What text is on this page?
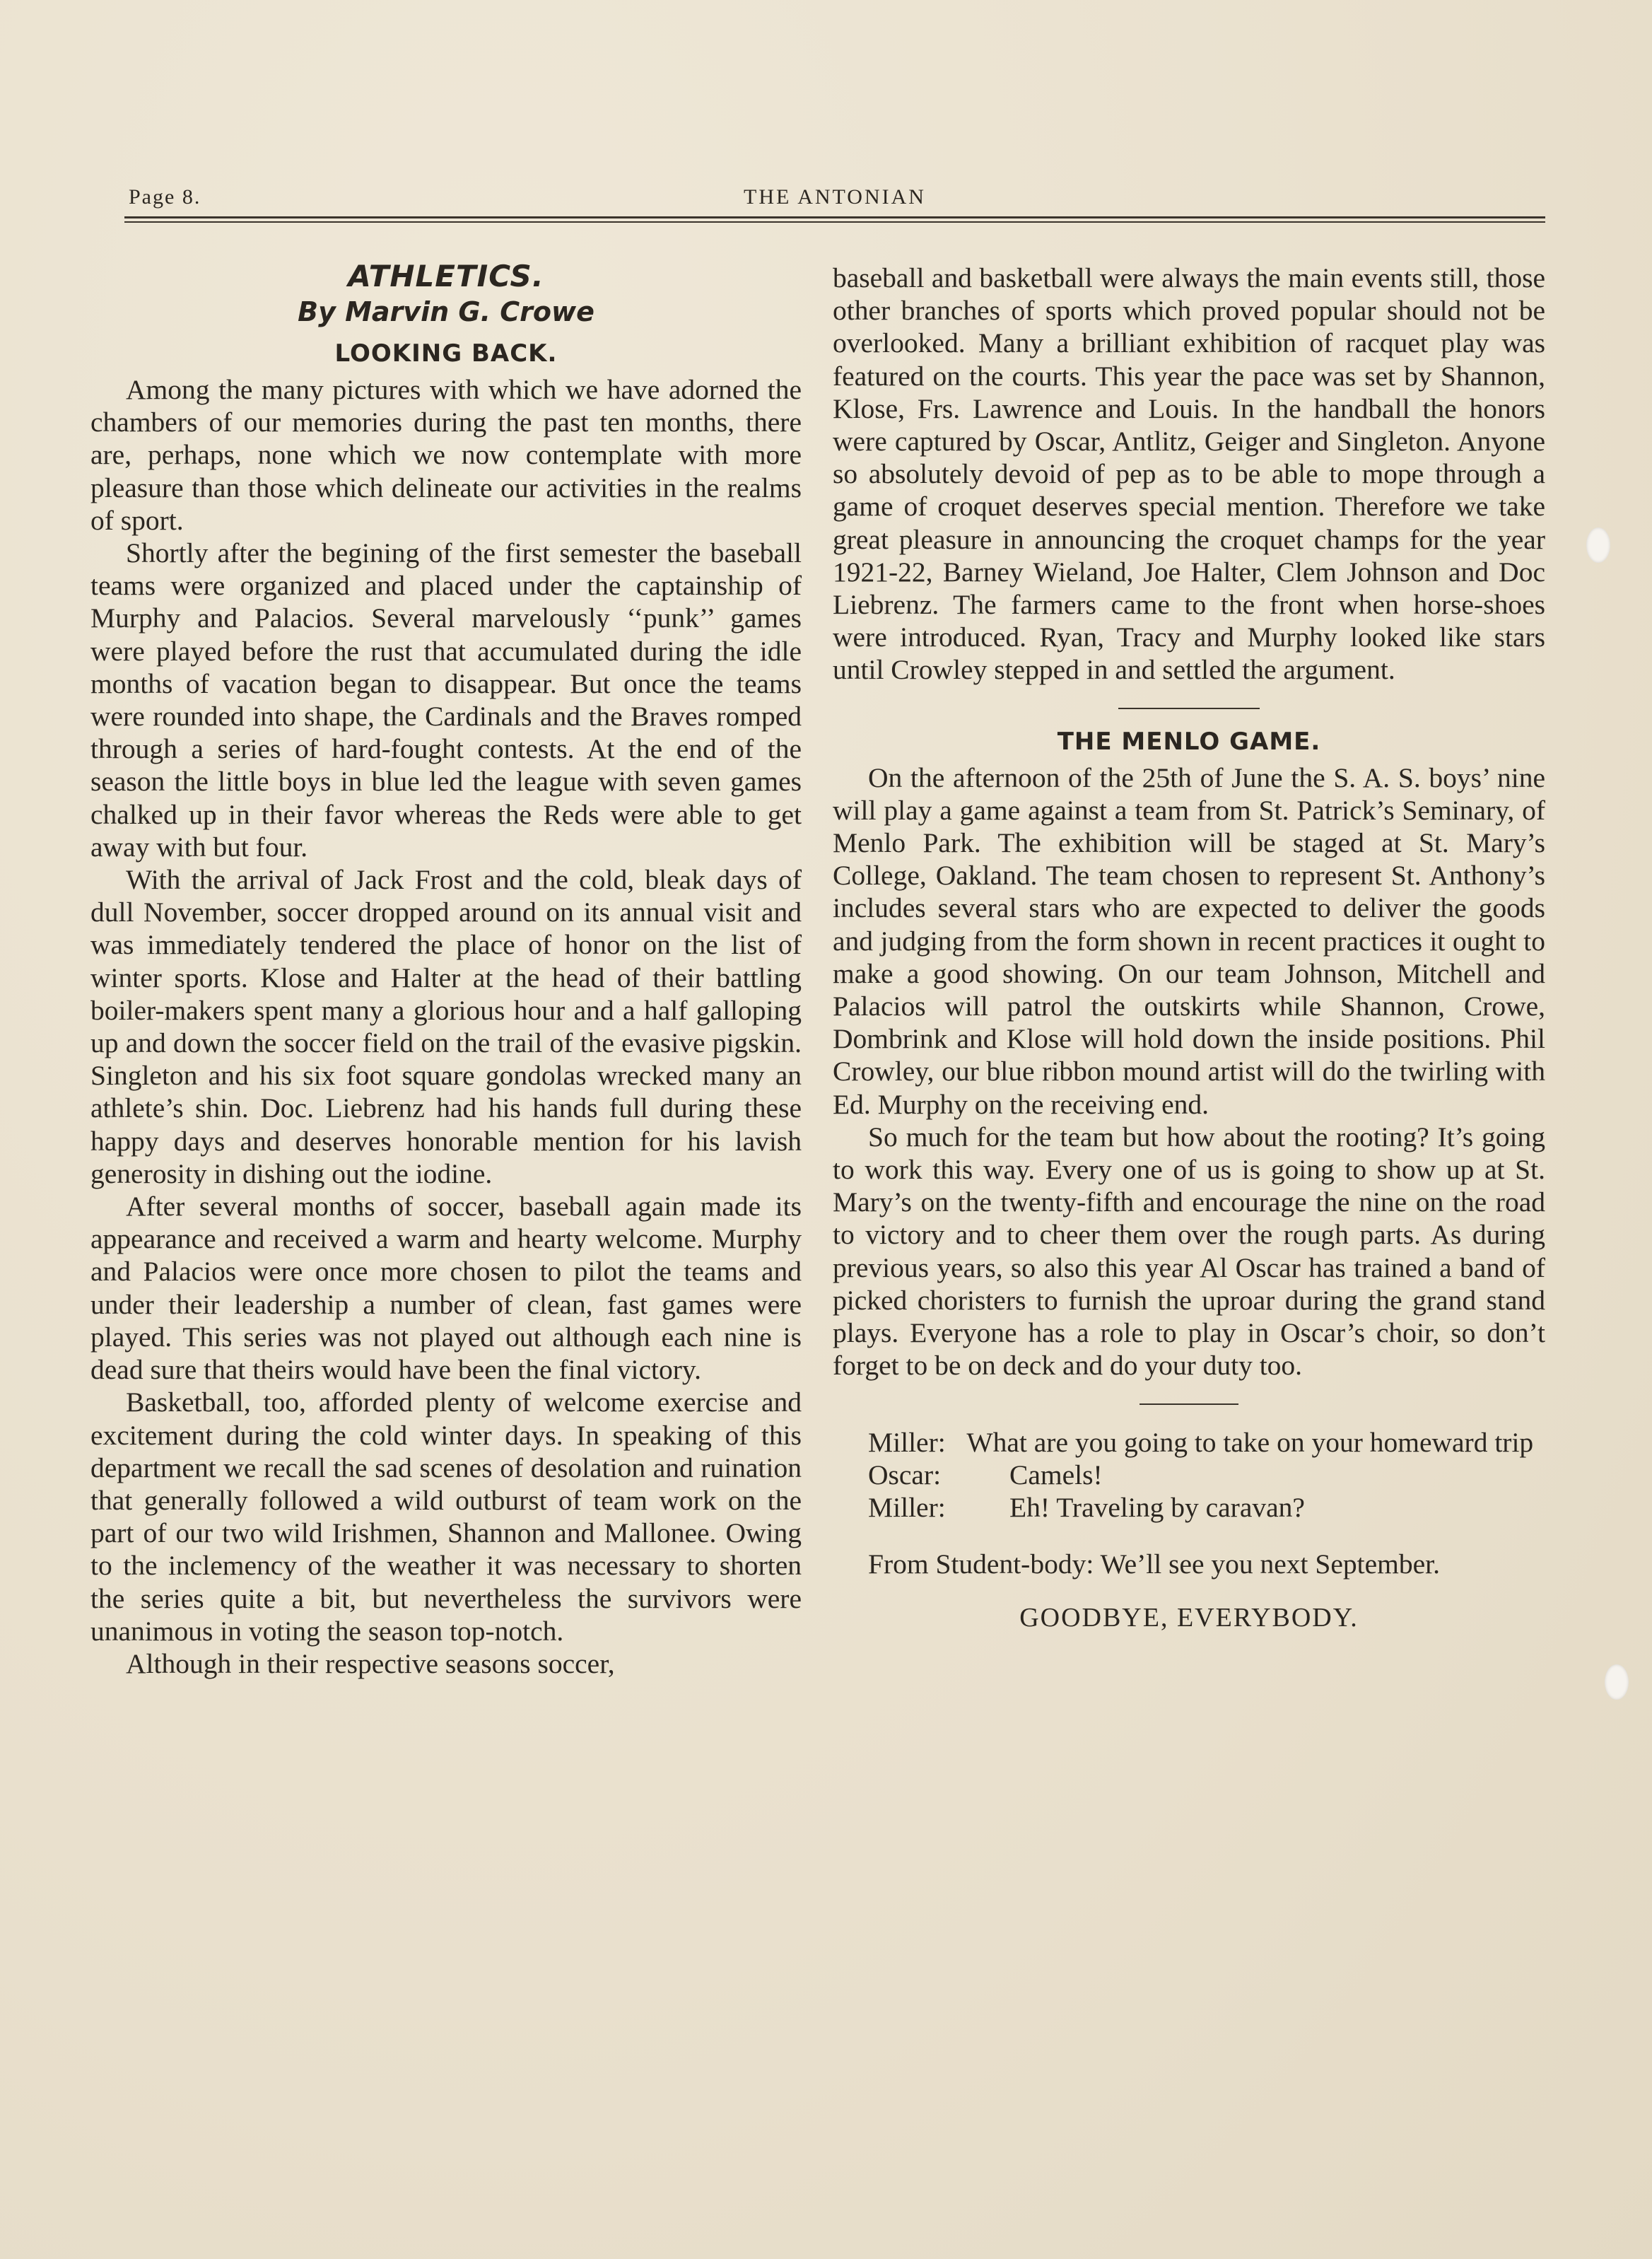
Page 8.	THE ANTONIAN
ATHLETICS.
By Marvin G. Crowe
LOOKING BACK.

Among the many pictures with which we have adorned the chambers of our memories during the past ten months, there are, perhaps, none which we now contemplate with more pleasure than those which delineate our activities in the realms of sport.

Shortly after the begining of the first semester the baseball teams were organized and placed under the captainship of Murphy and Palacios. Several marvelously ‘‘punk’’ games were played before the rust that accumulated during the idle months of vacation began to disappear. But once the teams were rounded into shape, the Cardinals and the Braves romped through a series of hard-fought contests. At the end of the season the little boys in blue led the league with seven games chalked up in their favor whereas the Reds were able to get away with but four.

With the arrival of Jack Frost and the cold, bleak days of dull November, soccer dropped around on its annual visit and was immediately tendered the place of honor on the list of winter sports. Klose and Halter at the head of their battling boiler-makers spent many a glorious hour and a half galloping up and down the soccer field on the trail of the evasive pigskin. Singleton and his six foot square gondolas wrecked many an athlete’s shin. Doc. Liebrenz had his hands full during these happy days and deserves honorable mention for his lavish generosity in dishing out the iodine.

After several months of soccer, baseball again made its appearance and received a warm and hearty welcome. Murphy and Palacios were once more chosen to pilot the teams and under their leadership a number of clean, fast games were played. This series was not played out although each nine is dead sure that theirs would have been the final victory.

Basketball, too, afforded plenty of welcome exercise and excitement during the cold winter days. In speaking of this department we recall the sad scenes of desolation and ruination that generally followed a wild outburst of team work on the part of our two wild Irishmen, Shannon and Mallonee. Owing to the inclemency of the weather it was necessary to shorten the series quite a bit, but nevertheless the survivors were unanimous in voting the season top-notch.

Although in their respective seasons soccer,

baseball and basketball were always the main events still, those other branches of sports which proved popular should not be overlooked. Many a brilliant exhibition of racquet play was featured on the courts. This year the pace was set by Shannon, Klose, Frs. Lawrence and Louis. In the handball the honors were captured by Oscar, Antlitz, Geiger and Singleton. Anyone so absolutely devoid of pep as to be able to mope through a game of croquet deserves special mention. Therefore we take great pleasure in announcing the croquet champs for the year 1921-22, Barney Wieland, Joe Halter, Clem Johnson and Doc Liebrenz. The farmers came to the front when horse-shoes were introduced. Ryan, Tracy and Murphy looked like stars until Crowley stepped in and settled the argument.

THE MENLO GAME.

On the afternoon of the 25th of June the S. A. S. boys’ nine will play a game against a team from St. Patrick’s Seminary, of Menlo Park. The exhibition will be staged at St. Mary’s College, Oakland. The team chosen to represent St. Anthony’s includes several stars who are expected to deliver the goods and judging from the form shown in recent practices it ought to make a good showing. On our team Johnson, Mitchell and Palacios will patrol the outskirts while Shannon, Crowe, Dombrink and Klose will hold down the inside positions. Phil Crowley, our blue ribbon mound artist will do the twirling with Ed. Murphy on the receiving end.

So much for the team but how about the rooting? It’s going to work this way. Every one of us is going to show up at St. Mary’s on the twenty-fifth and encourage the nine on the road to victory and to cheer them over the rough parts. As during previous years, so also this year Al Oscar has trained a band of picked choristers to furnish the uproar during the grand stand plays. Everyone has a role to play in Oscar’s choir, so don’t forget to be on deck and do your duty too.

Miller: What are you going to take on your homeward trip
Oscar: Camels!
Miller: Eh! Traveling by caravan?

From Student-body: We’ll see you next September.

GOODBYE, EVERYBODY.
